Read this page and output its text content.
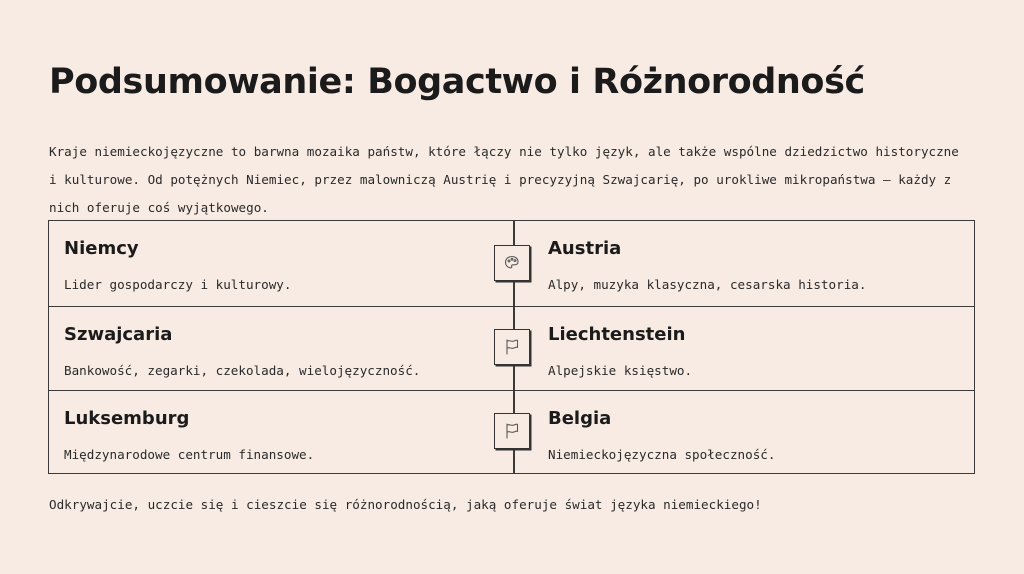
Podsumowanie: Bogactwo i Różnorodność

Kraje niemieckojęzyczne to barwna mozaika państw, które łączy nie tylko język, ale także wspólne dziedzictwo historyczne i kulturowe. Od potężnych Niemiec, przez malowniczą Austrię i precyzyjną Szwajcarię, po urokliwe mikropaństwa – każdy z nich oferuje coś wyjątkowego.

Niemcy
Lider gospodarczy i kulturowy.
Austria
Alpy, muzyka klasyczna, cesarska historia.
Szwajcaria
Bankowość, zegarki, czekolada, wielojęzyczność.
Liechtenstein
Alpejskie księstwo.
Luksemburg
Międzynarodowe centrum finansowe.
Belgia
Niemieckojęzyczna społeczność.

Odkrywajcie, uczcie się i cieszcie się różnorodnością, jaką oferuje świat języka niemieckiego!
